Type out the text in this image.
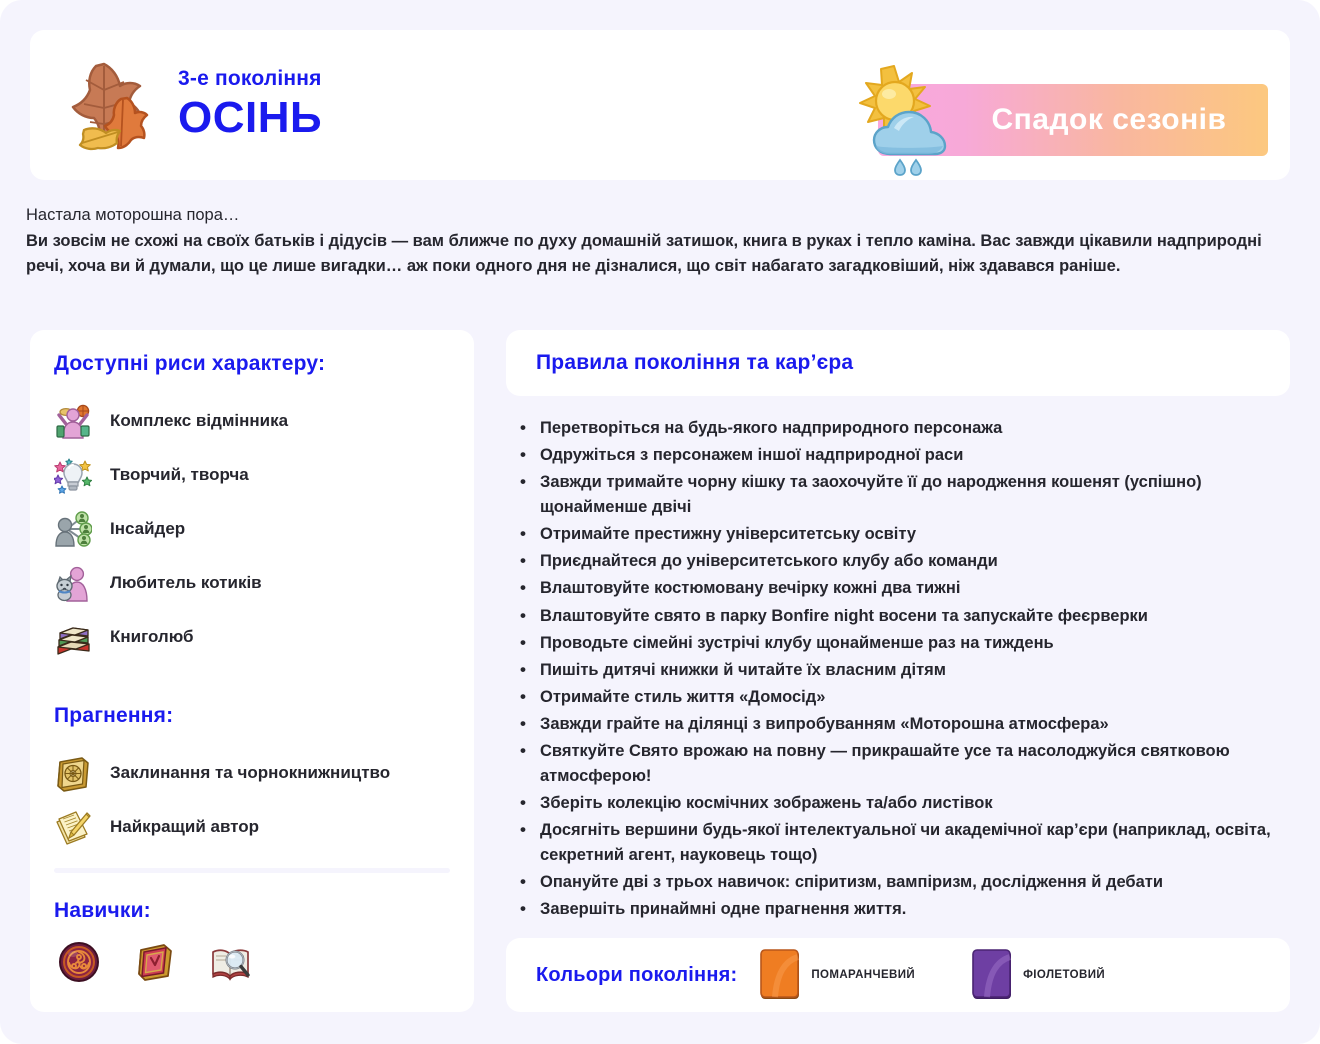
3-е покоління
ОСІНЬ	Спадок сезонів
Настала моторошна пора…
Ви зовсім не схожі на своїх батьків і дідусів — вам ближче по духу домашній затишок, книга в руках і тепло каміна. Вас завжди цікавили надприродні речі, хоча ви й думали, що це лише вигадки… аж поки одного дня не дізналися, що світ набагато загадковіший, ніж здавався раніше.
Доступні риси характеру:
Комплекс відмінника
Творчий, творча
Інсайдер
Любитель котиків
Книголюб
Прагнення:
Заклинання та чорнокнижництво
Найкращий автор
Навички:
Правила покоління та кар’єра
• Перетворіться на будь-якого надприродного персонажа
• Одружіться з персонажем іншої надприродної раси
• Завжди тримайте чорну кішку та заохочуйте її до народження кошенят (успішно) щонайменше двічі
• Отримайте престижну університетську освіту
• Приєднайтеся до університетського клубу або команди
• Влаштовуйте костюмовану вечірку кожні два тижні
• Влаштовуйте свято в парку Bonfire night восени та запускайте феєрверки
• Проводьте сімейні зустрічі клубу щонайменше раз на тиждень
• Пишіть дитячі книжки й читайте їх власним дітям
• Отримайте стиль життя «Домосід»
• Завжди грайте на ділянці з випробуванням «Моторошна атмосфера»
• Святкуйте Свято врожаю на повну — прикрашайте усе та насолоджуйся святковою атмосферою!
• Зберіть колекцію космічних зображень та/або листівок
• Досягніть вершини будь-якої інтелектуальної чи академічної кар’єри (наприклад, освіта, секретний агент, науковець тощо)
• Опануйте дві з трьох навичок: спіритизм, вампіризм, дослідження й дебати
• Завершіть принаймні одне прагнення життя.
Кольори покоління:	ПОМАРАНЧЕВИЙ	ФІОЛЕТОВИЙ
